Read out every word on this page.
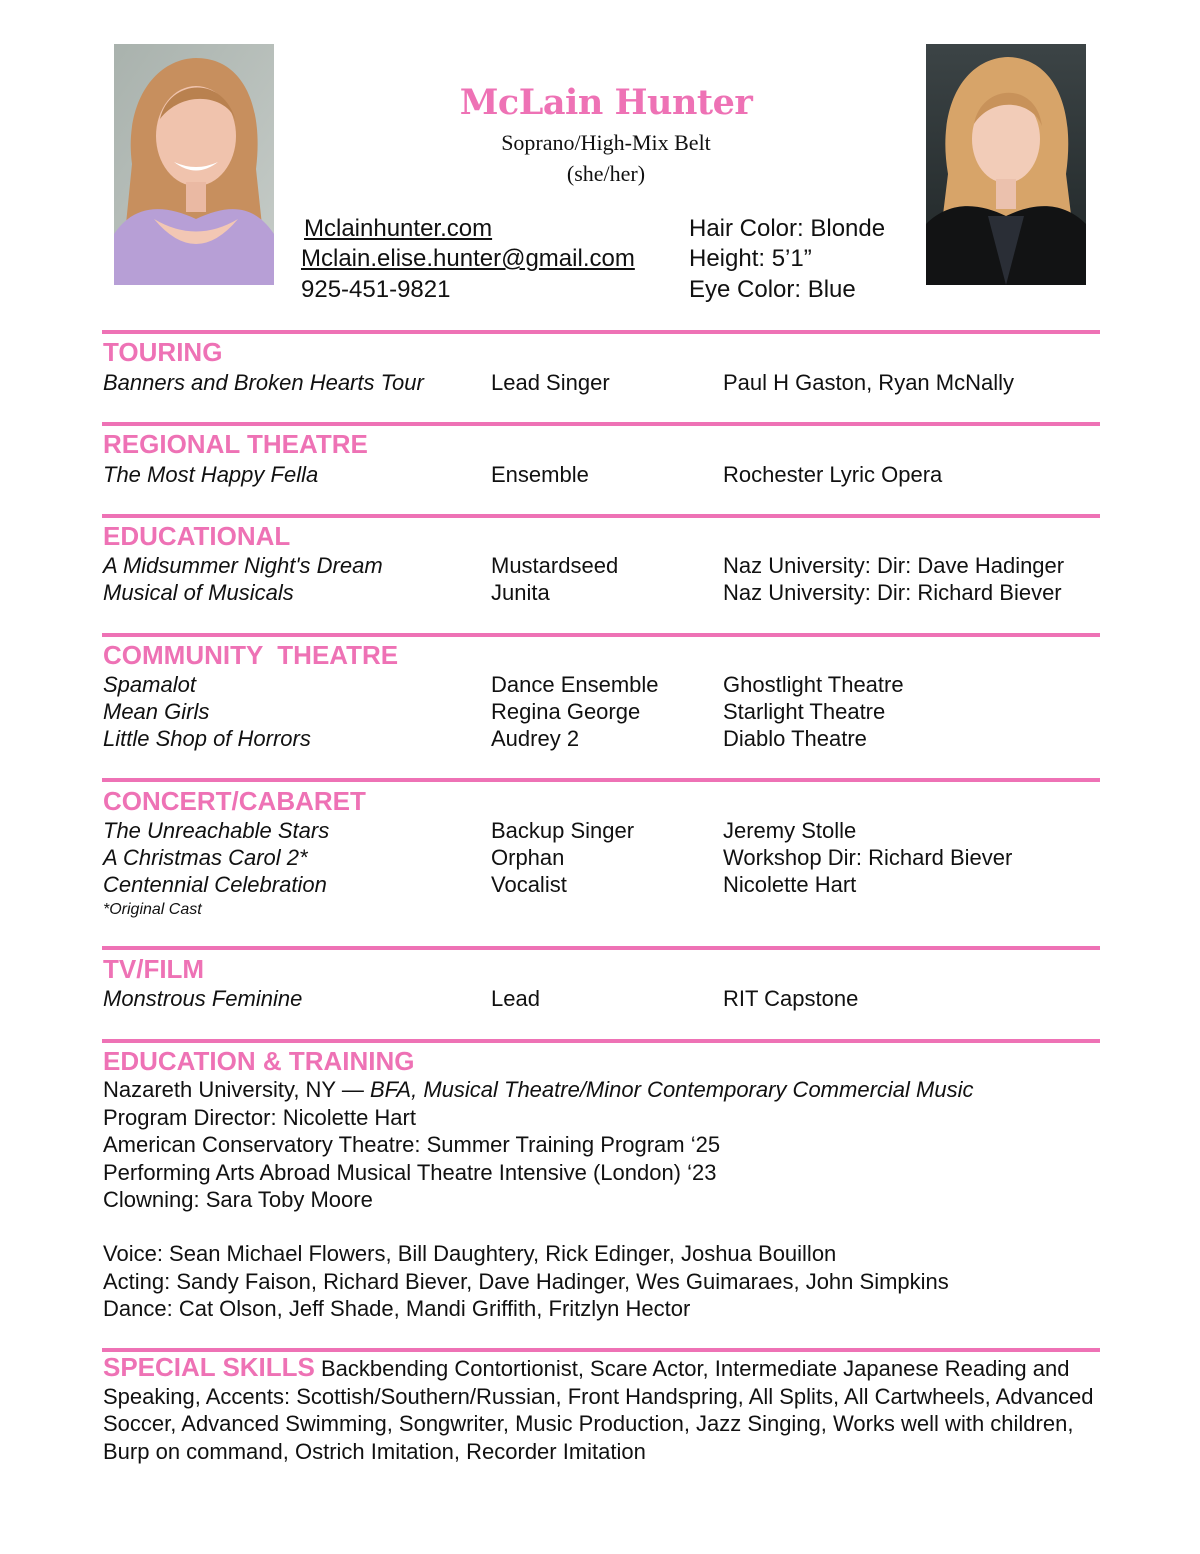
McLain Hunter
Soprano/High-Mix Belt
(she/her)
Mclainhunter.com
Mclain.elise.hunter@gmail.com
925-451-9821
Hair Color: Blonde
Height: 5’1”
Eye Color: Blue
TOURING
Banners and Broken Hearts Tour	Lead Singer	Paul H Gaston, Ryan McNally
REGIONAL THEATRE
The Most Happy Fella	Ensemble	Rochester Lyric Opera
EDUCATIONAL
A Midsummer Night's Dream	Mustardseed	Naz University: Dir: Dave Hadinger
Musical of Musicals	Junita	Naz University: Dir: Richard Biever
COMMUNITY  THEATRE
Spamalot	Dance Ensemble	Ghostlight Theatre
Mean Girls	Regina George	Starlight Theatre
Little Shop of Horrors	Audrey 2	Diablo Theatre
CONCERT/CABARET
The Unreachable Stars	Backup Singer	Jeremy Stolle
A Christmas Carol 2*	Orphan	Workshop Dir: Richard Biever
Centennial Celebration	Vocalist	Nicolette Hart
*Original Cast
TV/FILM
Monstrous Feminine	Lead	RIT Capstone
EDUCATION & TRAINING
Nazareth University, NY — BFA, Musical Theatre/Minor Contemporary Commercial Music
Program Director: Nicolette Hart
American Conservatory Theatre: Summer Training Program ‘25
Performing Arts Abroad Musical Theatre Intensive (London) ‘23
Clowning: Sara Toby Moore
Voice: Sean Michael Flowers, Bill Daughtery, Rick Edinger, Joshua Bouillon
Acting: Sandy Faison, Richard Biever, Dave Hadinger, Wes Guimaraes, John Simpkins
Dance: Cat Olson, Jeff Shade, Mandi Griffith, Fritzlyn Hector
SPECIAL SKILLS Backbending Contortionist, Scare Actor, Intermediate Japanese Reading and Speaking, Accents: Scottish/Southern/Russian, Front Handspring, All Splits, All Cartwheels, Advanced Soccer, Advanced Swimming, Songwriter, Music Production, Jazz Singing, Works well with children, Burp on command, Ostrich Imitation, Recorder Imitation
